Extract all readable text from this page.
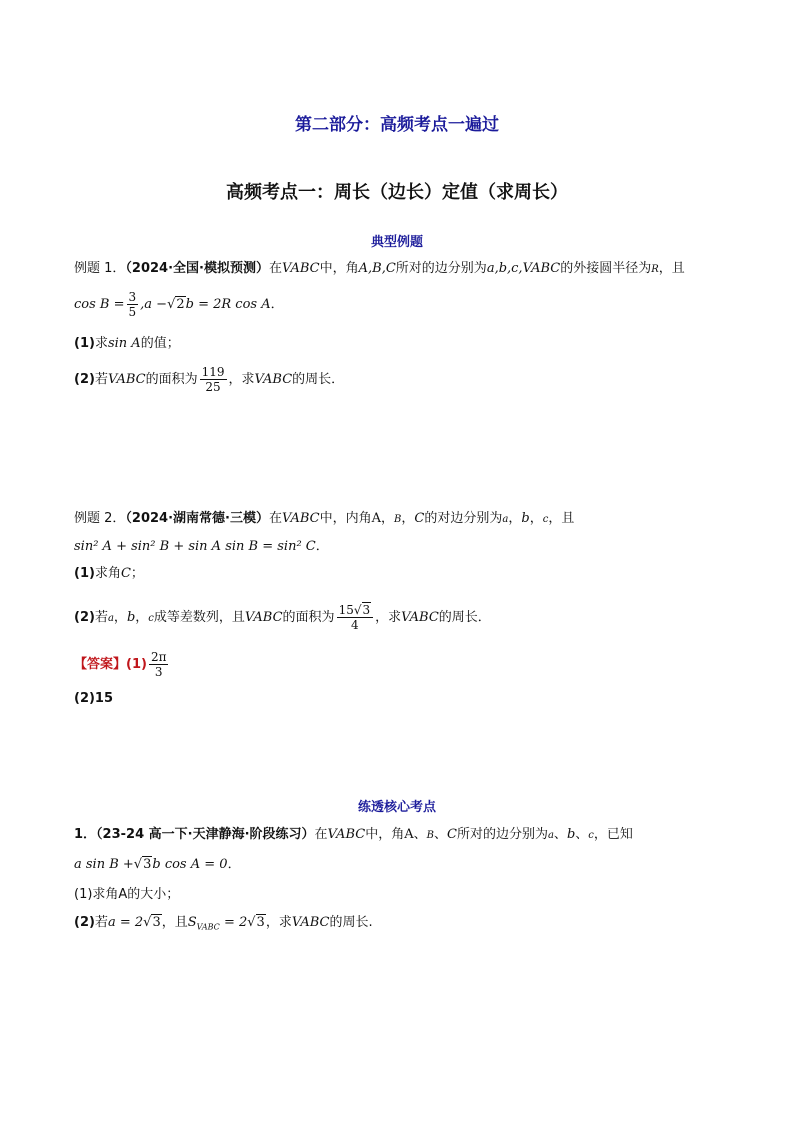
第二部分：高频考点一遍过
高频考点一：周长（边长）定值（求周长）
典型例题
例题 1．（2024·全国·模拟预测）在VABC中，角A,B,C所对的边分别为a,b,c,VABC的外接圆半径为R，且
$\cos B = \frac{3}{5} ,a -√2b = 2R$ cos A．
(1)求sin A的值；
(2)若VABC的面积为 $\frac{119}{25}$ ，求VABC的周长．
例题 2．（2024·湖南常德·三模）在VABC中，内角A，B，C的对边分别为a，b，c，且
sin² A + sin² B + sin A sin B = sin² C．
(1)求角C；
(2)若a，b，c成等差数列，且VABC的面积为 $\frac{15√3}{4}$ ，求VABC的周长．
【答案】$(1) \frac{2\pi}{3}$
(2)15
练透核心考点
1．（23-24 高一下·天津静海·阶段练习）在VABC中，角A、B、C所对的边分别为a、b、c，已知
a sin B +√3b cos A = 0．
(1)求角A的大小；
(2)若a = 2√3，且$S_{VABC} = 2√3$，求VABC的周长.
